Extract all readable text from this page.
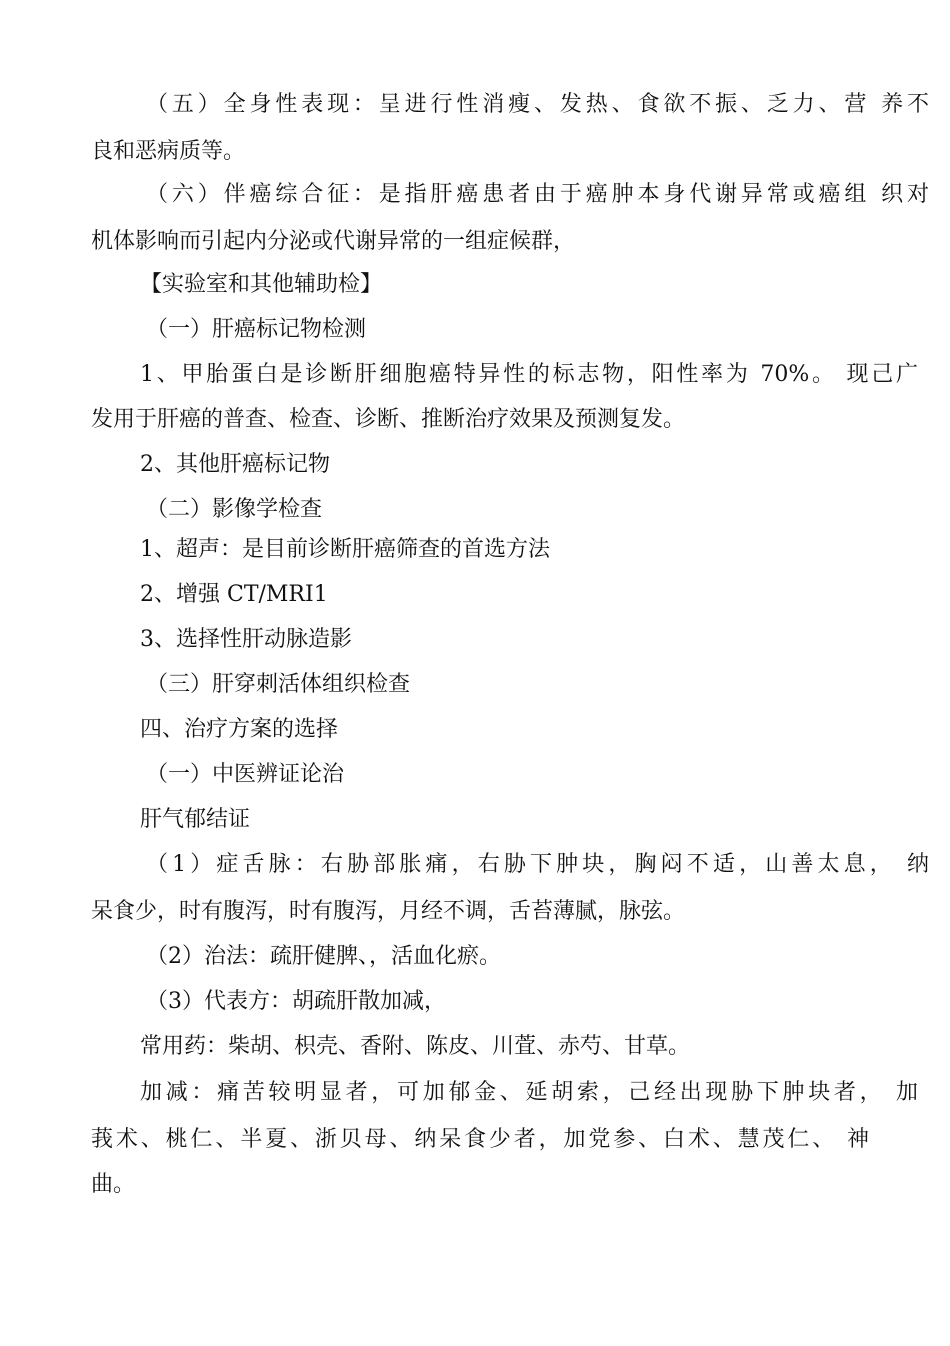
（五）全身性表现：呈进行性消瘦、发热、食欲不振、乏力、营 养不
良和恶病质等。
（六）伴癌综合征：是指肝癌患者由于癌肿本身代谢异常或癌组 织对
机体影响而引起内分泌或代谢异常的一组症候群，
【实验室和其他辅助检】
（一）肝癌标记物检测
1、甲胎蛋白是诊断肝细胞癌特异性的标志物，阳性率为 70%。 现己广
发用于肝癌的普查、检查、诊断、推断治疗效果及预测复发。
2、其他肝癌标记物
（二）影像学检查
1、超声：是目前诊断肝癌筛查的首选方法
2、增强 CT/MRI1
3、选择性肝动脉造影
（三）肝穿刺活体组织检查
四、治疗方案的选择
（一）中医辨证论治
肝气郁结证
（1）症舌脉：右胁部胀痛，右胁下肿块，胸闷不适，山善太息， 纳
呆食少，时有腹泻，时有腹泻，月经不调，舌苔薄腻，脉弦。
（2）治法：疏肝健脾、，活血化瘀。
（3）代表方：胡疏肝散加减，
常用药：柴胡、枳壳、香附、陈皮、川萓、赤芍、甘草。
加减：痛苦较明显者，可加郁金、延胡索，己经出现胁下肿块者， 加
莪术、桃仁、半夏、浙贝母、纳呆食少者，加党参、白术、慧茂仁、 神
曲。
